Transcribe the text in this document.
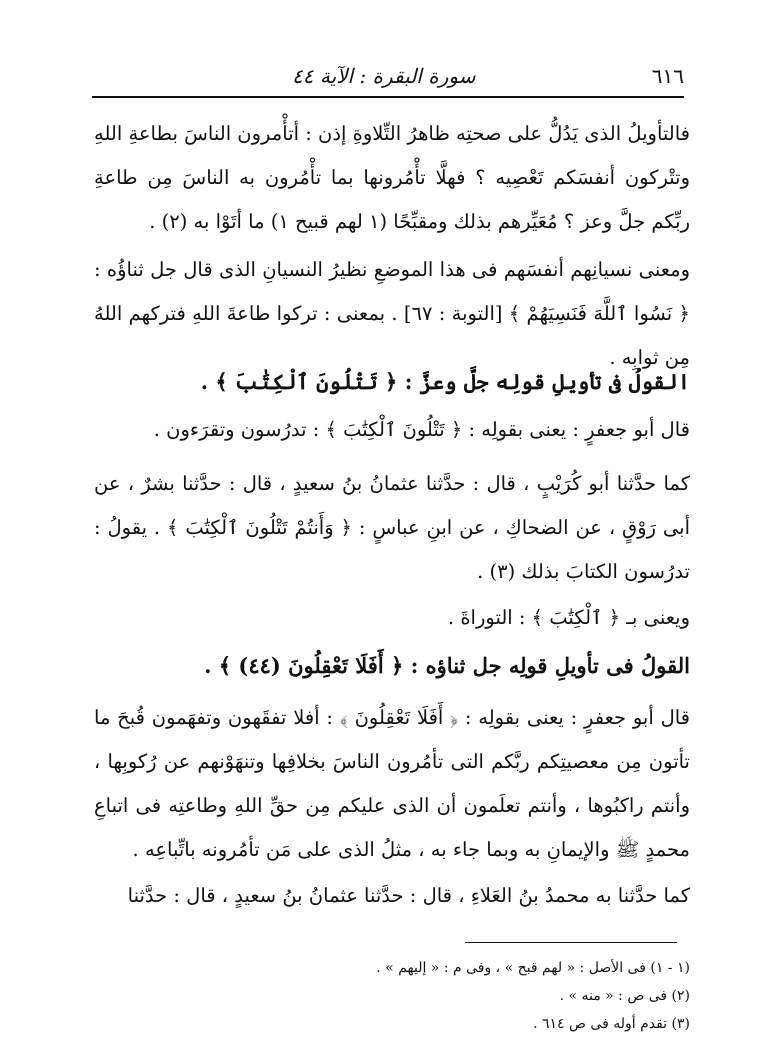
٦١٦
سورة البقرة : الآية ٤٤

فالتأويلُ الذى يَدُلُّ على صحتِه ظاهرُ التِّلاوةِ إذن : أتأْمرون الناسَ بطاعةِ اللهِ وتتْركون أنفسَكم تَعْصِيه ؟ فهلَّا تأْمُرونها بما تأْمُرون به الناسَ مِن طاعةِ ربِّكم جلَّ وعز ؟ مُعَيِّرهم بذلك ومقبِّحًا (١ لهم قبيح ١) ما أتَوْا به (٢) .

ومعنى نسيانِهم أنفسَهم فى هذا الموضعِ نظيرُ النسيانِ الذى قال جل ثناؤُه : ﴿ نَسُوا ٱللَّهَ فَنَسِيَهُمْ ﴾ [التوبة : ٦٧] . بمعنى : تركوا طاعةَ اللهِ فتركهم اللهُ مِن ثوابِه .

القولُ فى تأويلِ قولِه جلَّ وعزَّ : ﴿ تَتْلُونَ ٱلْكِتَٰبَ ﴾ .

قال أبو جعفرٍ : يعنى بقولِه : ﴿ تَتْلُونَ ٱلْكِتَٰبَ ﴾ : تدرُسون وتقرَءون .

كما حدَّثنا أبو كُرَيْبٍ ، قال : حدَّثنا عثمانُ بنُ سعيدٍ ، قال : حدَّثنا بشرٌ ، عن أبى رَوْقٍ ، عن الضحاكِ ، عن ابنِ عباسٍ : ﴿ وَأَنتُمْ تَتْلُونَ ٱلْكِتَٰبَ ﴾ . يقولُ : تدرُسون الكتابَ بذلك (٣) .

ويعنى بـ ﴿ ٱلْكِتَٰبَ ﴾ : التوراةَ .

القولُ فى تأويلِ قولِه جل ثناؤه : ﴿ أَفَلَا تَعْقِلُونَ (٤٤) ﴾ .

قال أبو جعفرٍ : يعنى بقولِه : ﴿ أَفَلَا تَعْقِلُونَ ﴾ : أفلا تفقَهون وتفهَمون قُبحَ ما تأتون مِن معصيتِكم ربَّكم التى تأمُرون الناسَ بخلافِها وتنهَوْنهم عن رُكوبِها ، وأنتم راكبُوها ، وأنتم تعلَمون أن الذى عليكم مِن حقِّ اللهِ وطاعتِه فى اتباعِ محمدٍ ﷺ والإيمانِ به وبما جاء به ، مثلُ الذى على مَن تأمُرونه باتِّباعِه .

كما حدَّثنا به محمدُ بنُ العَلاءِ ، قال : حدَّثنا عثمانُ بنُ سعيدٍ ، قال : حدَّثنا

(١ - ١) فى الأصل : « لهم قبح » ، وفى م : « إليهم » .
(٢) فى ص : « منه » .
(٣) تقدم أوله فى ص ٦١٤ .
